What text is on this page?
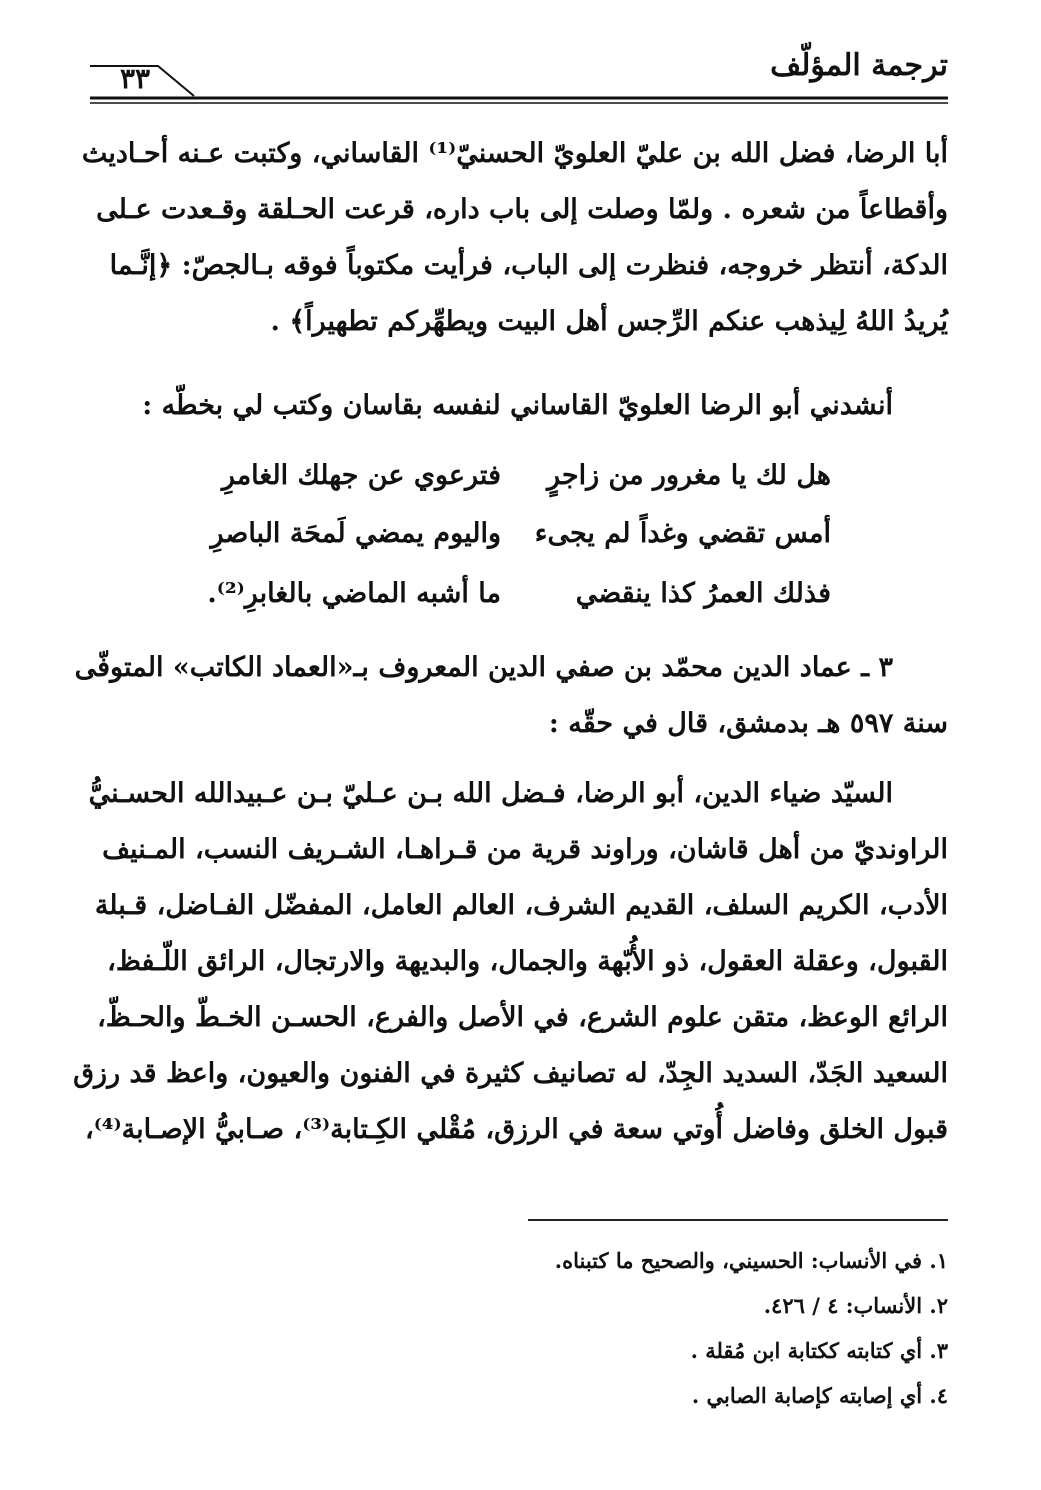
٣٣	ترجمة المؤلّف
أبا الرضا، فضل الله بن عليّ العلويّ الحسنيّ⁽¹⁾ القاساني، وكتبت عـنه أحـاديث
وأقطاعاً من شعره . ولمّا وصلت إلى باب داره، قرعت الحـلقة وقـعدت عـلى
الدكة، أنتظر خروجه، فنظرت إلى الباب، فرأيت مكتوباً فوقه بـالجصّ: ﴿إنَّـما
يُريدُ اللهُ لِيذهب عنكم الرِّجس أهل البيت ويطهِّركم تطهيراً﴾ .
أنشدني أبو الرضا العلويّ القاساني لنفسه بقاسان وكتب لي بخطّه :
هل لك يا مغرور من زاجرٍ
فترعوي عن جهلك الغامرِ
أمس تقضي وغداً لم يجىء
واليوم يمضي لَمحَة الباصرِ
فذلك العمرُ كذا ينقضي
ما أشبه الماضي بالغابرِ⁽²⁾.
٣ ـ عماد الدين محمّد بن صفي الدين المعروف بـ«العماد الكاتب» المتوفّى
سنة ٥٩٧ هـ بدمشق، قال في حقّه :
السيّد ضياء الدين، أبو الرضا، فـضل الله بـن عـليّ بـن عـبيدالله الحسـنيُّ
الراونديّ من أهل قاشان، وراوند قرية من قـراهـا، الشـريف النسب، المـنيف
الأدب، الكريم السلف، القديم الشرف، العالم العامل، المفضّل الفـاضل، قـبلة
القبول، وعقلة العقول، ذو الأُبّهة والجمال، والبديهة والارتجال، الرائق اللّـفظ،
الرائع الوعظ، متقن علوم الشرع، في الأصل والفرع، الحسـن الخـطّ والحـظّ،
السعيد الجَدّ، السديد الجِدّ، له تصانيف كثيرة في الفنون والعيون، واعظ قد رزق
قبول الخلق وفاضل أُوتي سعة في الرزق، مُقْلي الكِـتابة⁽³⁾، صـابيُّ الإصـابة⁽⁴⁾،
١. في الأنساب: الحسيني، والصحيح ما كتبناه.
٢. الأنساب: ٤ / ٤٢٦.
٣. أي كتابته ككتابة ابن مُقلة .
٤. أي إصابته كإصابة الصابي .
